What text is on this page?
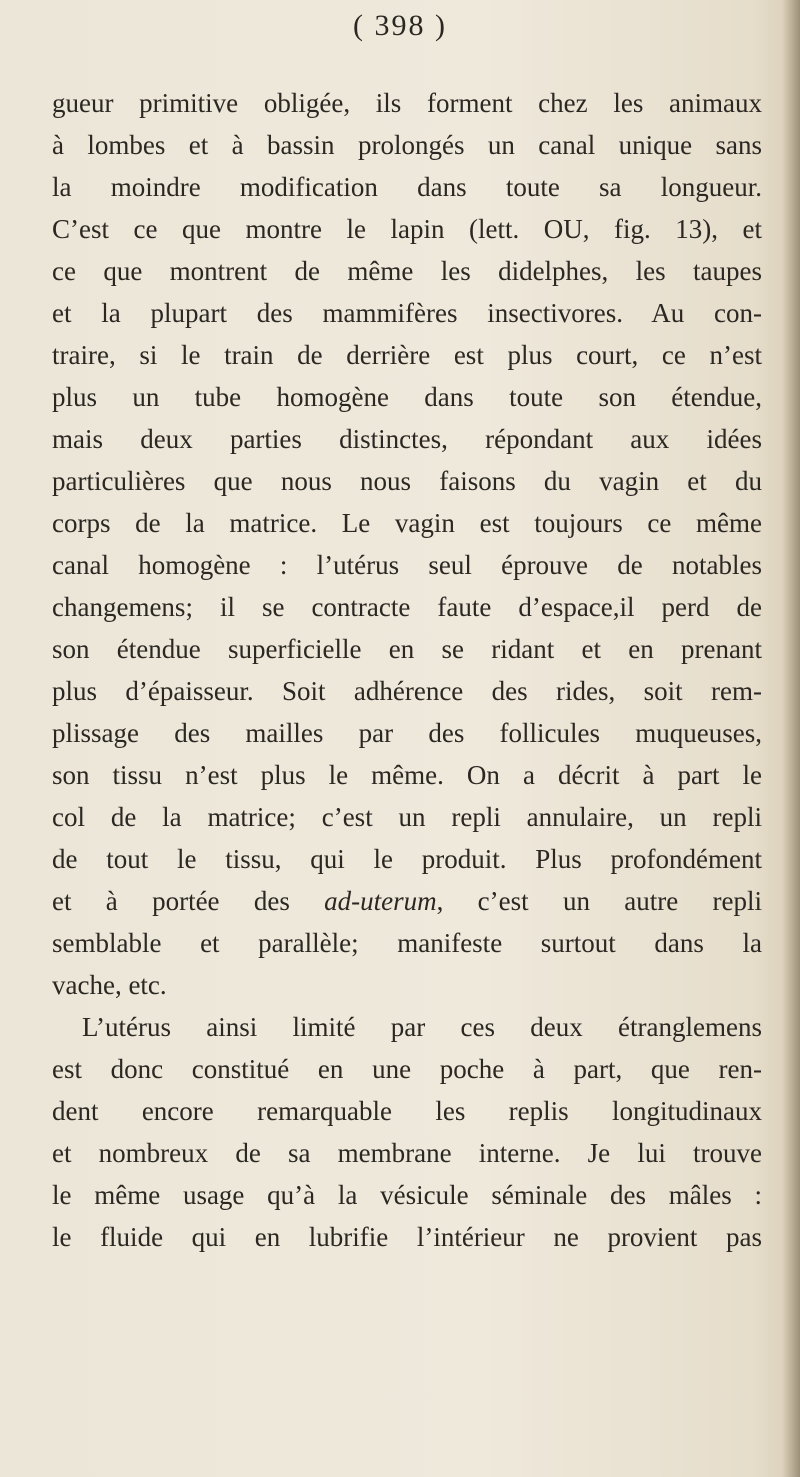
( 398 )
gueur primitive obligée, ils forment chez les animaux
à lombes et à bassin prolongés un canal unique sans
la moindre modification dans toute sa longueur.
C’est ce que montre le lapin (lett. OU, fig. 13), et
ce que montrent de même les didelphes, les taupes
et la plupart des mammifères insectivores. Au con-
traire, si le train de derrière est plus court, ce n’est
plus un tube homogène dans toute son étendue,
mais deux parties distinctes, répondant aux idées
particulières que nous nous faisons du vagin et du
corps de la matrice. Le vagin est toujours ce même
canal homogène : l’utérus seul éprouve de notables
changemens; il se contracte faute d’espace,il perd de
son étendue superficielle en se ridant et en prenant
plus d’épaisseur. Soit adhérence des rides, soit rem-
plissage des mailles par des follicules muqueuses,
son tissu n’est plus le même. On a décrit à part le
col de la matrice; c’est un repli annulaire, un repli
de tout le tissu, qui le produit. Plus profondément
et à portée des ad-uterum, c’est un autre repli
semblable et parallèle; manifeste surtout dans la
vache, etc.
L’utérus ainsi limité par ces deux étranglemens
est donc constitué en une poche à part, que ren-
dent encore remarquable les replis longitudinaux
et nombreux de sa membrane interne. Je lui trouve
le même usage qu’à la vésicule séminale des mâles :
le fluide qui en lubrifie l’intérieur ne provient pas
